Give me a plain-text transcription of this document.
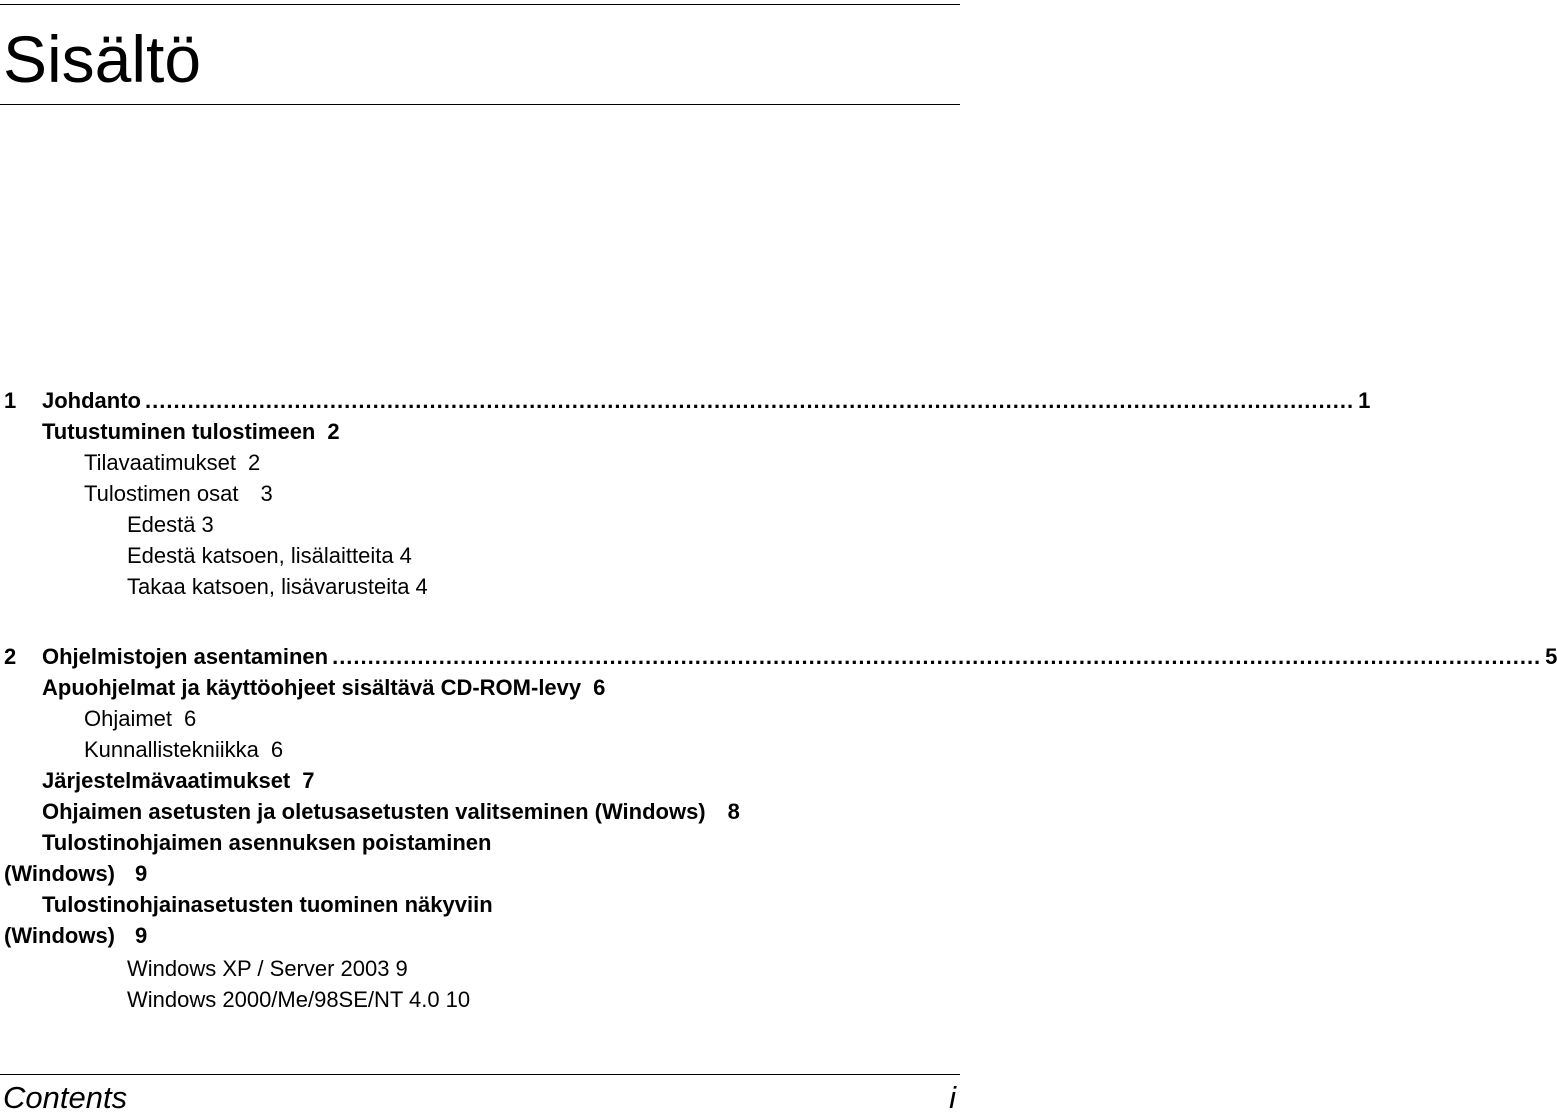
Sisältö
1	Johdanto .......................................................................................................................................................................... 1
Tutustuminen tulostimeen 2
Tilavaatimukset 2
Tulostimen osat 3
Edestä 3
Edestä katsoen, lisälaitteita 4
Takaa katsoen, lisävarusteita 4
2	Ohjelmistojen asentaminen .......................................................................................................................................................................... 5
Apuohjelmat ja käyttöohjeet sisältävä CD-ROM-levy 6
Ohjaimet 6
Kunnallistekniikka 6
Järjestelmävaatimukset 7
Ohjaimen asetusten ja oletusasetusten valitseminen (Windows) 8
Tulostinohjaimen asennuksen poistaminen
(Windows) 9
Tulostinohjainasetusten tuominen näkyviin
(Windows) 9
Windows XP / Server 2003 9
Windows 2000/Me/98SE/NT 4.0 10
Contents	i
